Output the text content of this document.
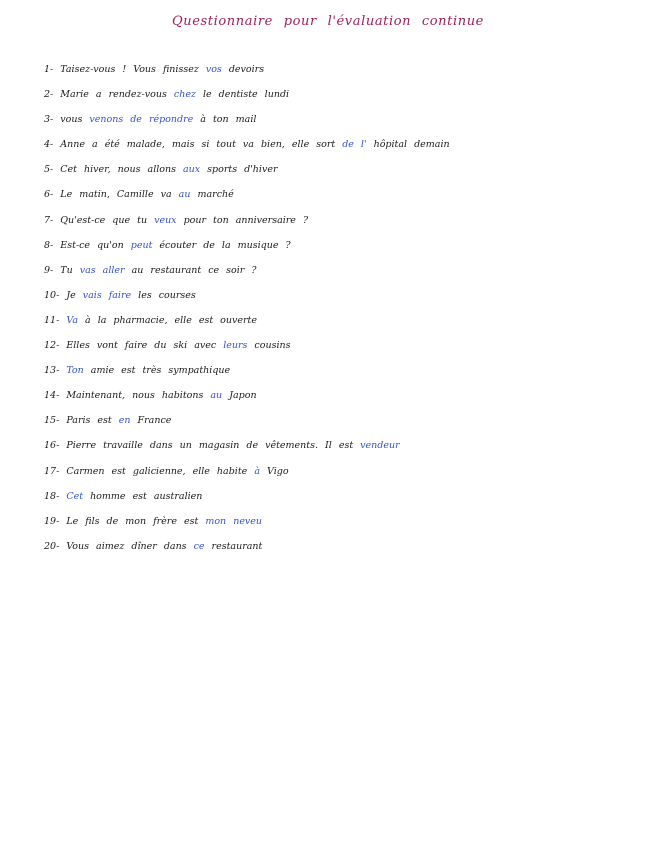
Questionnaire pour l'évaluation continue
1- Taisez-vous ! Vous finissez vos devoirs
2- Marie a rendez-vous chez le dentiste lundi
3- vous venons de répondre à ton mail
4- Anne a été malade, mais si tout va bien, elle sort de l' hôpital demain
5- Cet hiver, nous allons aux sports d'hiver
6- Le matin, Camille va au marché
7- Qu'est-ce que tu veux pour ton anniversaire ?
8- Est-ce qu'on peut écouter de la musique ?
9- Tu vas aller au restaurant ce soir ?
10- Je vais faire les courses
11- Va à la pharmacie, elle est ouverte
12- Elles vont faire du ski avec leurs cousins
13- Ton amie est très sympathique
14- Maintenant, nous habitons au Japon
15- Paris est en France
16- Pierre travaille dans un magasin de vêtements. Il est vendeur
17- Carmen est galicienne, elle habite à Vigo
18- Cet homme est australien
19- Le fils de mon frère est mon neveu
20- Vous aimez dîner dans ce restaurant
